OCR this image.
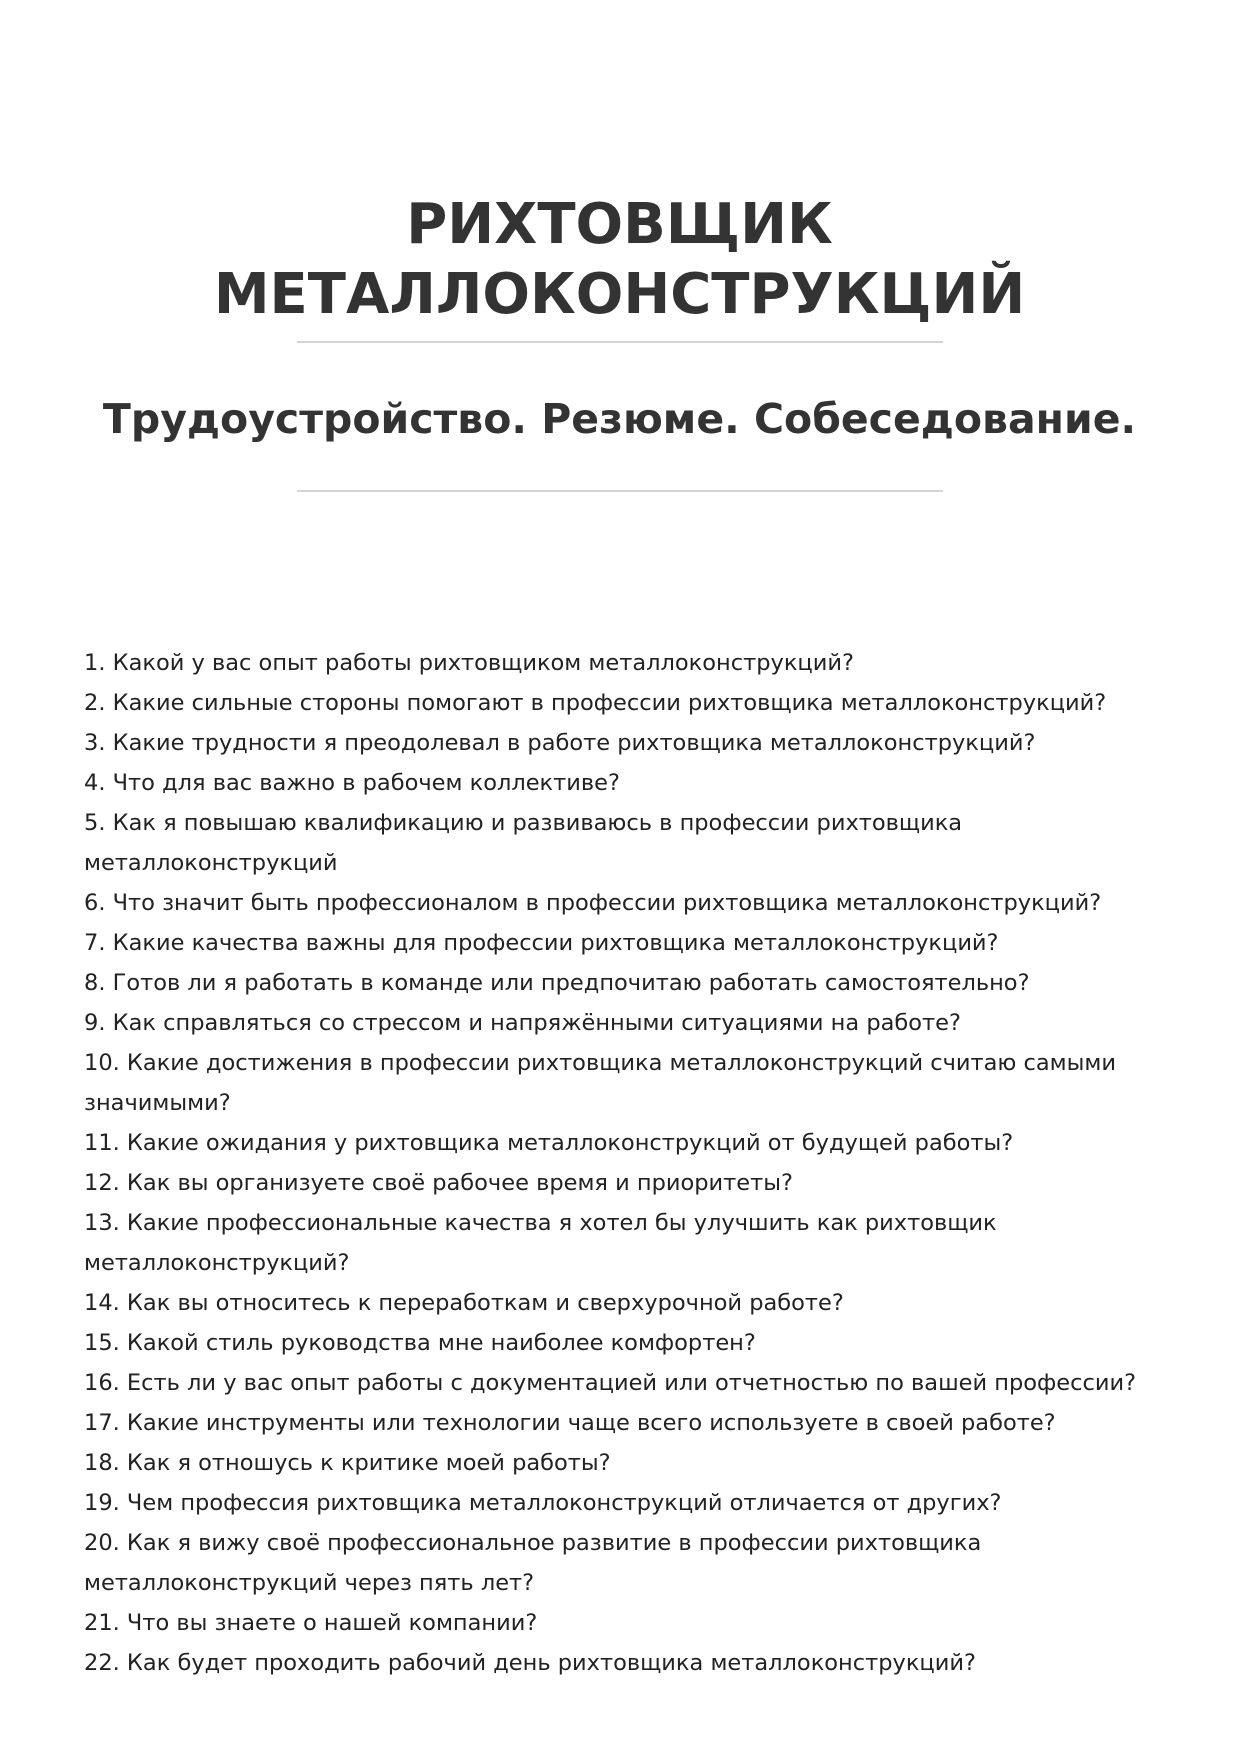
РИХТОВЩИК МЕТАЛЛОКОНСТРУКЦИЙ
Трудоустройство. Резюме. Собеседование.
1. Какой у вас опыт работы рихтовщиком металлоконструкций?
2. Какие сильные стороны помогают в профессии рихтовщика металлоконструкций?
3. Какие трудности я преодолевал в работе рихтовщика металлоконструкций?
4. Что для вас важно в рабочем коллективе?
5. Как я повышаю квалификацию и развиваюсь в профессии рихтовщика металлоконструкций
6. Что значит быть профессионалом в профессии рихтовщика металлоконструкций?
7. Какие качества важны для профессии рихтовщика металлоконструкций?
8. Готов ли я работать в команде или предпочитаю работать самостоятельно?
9. Как справляться со стрессом и напряжёнными ситуациями на работе?
10. Какие достижения в профессии рихтовщика металлоконструкций считаю самыми значимыми?
11. Какие ожидания у рихтовщика металлоконструкций от будущей работы?
12. Как вы организуете своё рабочее время и приоритеты?
13. Какие профессиональные качества я хотел бы улучшить как рихтовщик металлоконструкций?
14. Как вы относитесь к переработкам и сверхурочной работе?
15. Какой стиль руководства мне наиболее комфортен?
16. Есть ли у вас опыт работы с документацией или отчетностью по вашей профессии?
17. Какие инструменты или технологии чаще всего используете в своей работе?
18. Как я отношусь к критике моей работы?
19. Чем профессия рихтовщика металлоконструкций отличается от других?
20. Как я вижу своё профессиональное развитие в профессии рихтовщика металлоконструкций через пять лет?
21. Что вы знаете о нашей компании?
22. Как будет проходить рабочий день рихтовщика металлоконструкций?
